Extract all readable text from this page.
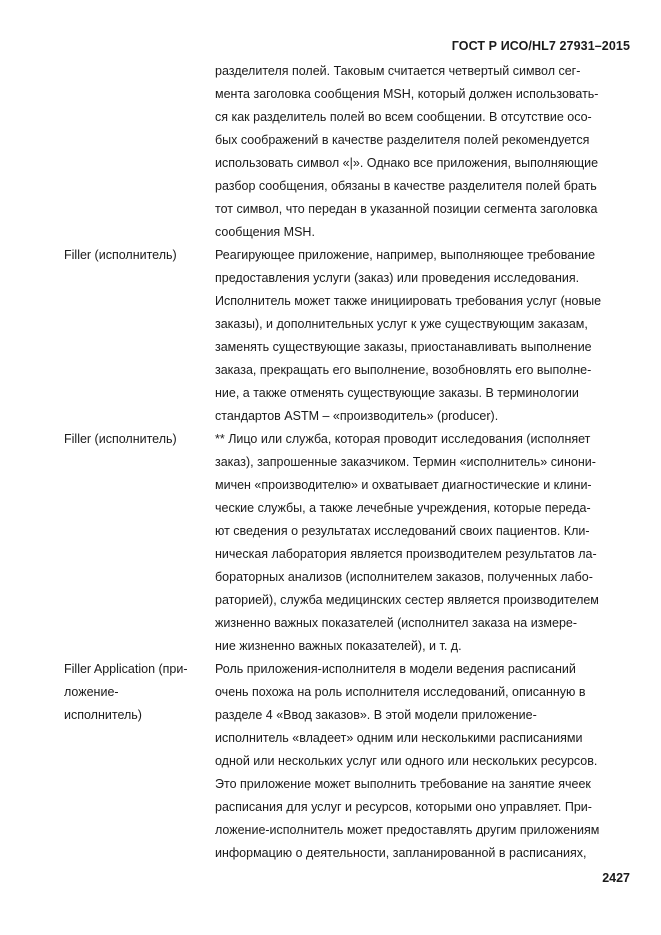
ГОСТ Р ИСО/HL7 27931–2015
разделителя полей. Таковым считается четвертый символ сег-
мента заголовка сообщения MSH, который должен использовать-
ся как разделитель полей во всем сообщении. В отсутствие осо-
бых соображений в качестве разделителя полей рекомендуется
использовать символ «|». Однако все приложения, выполняющие
разбор сообщения, обязаны в качестве разделителя полей брать
тот символ, что передан в указанной позиции сегмента заголовка
сообщения MSH.
Filler (исполнитель)	Реагирующее приложение, например, выполняющее требование
предоставления услуги (заказ) или проведения исследования.
Исполнитель может также инициировать требования услуг (новые
заказы), и дополнительных услуг к уже существующим заказам,
заменять существующие заказы, приостанавливать выполнение
заказа, прекращать его выполнение, возобновлять его выполне-
ние, а также отменять существующие заказы. В терминологии
стандартов ASTM – «производитель» (producer).
Filler (исполнитель)	** Лицо или служба, которая проводит исследования (исполняет
заказ), запрошенные заказчиком. Термин «исполнитель» синони-
мичен «производителю» и охватывает диагностические и клини-
ческие службы, а также лечебные учреждения, которые переда-
ют сведения о результатах исследований своих пациентов. Кли-
ническая лаборатория является производителем результатов ла-
бораторных анализов (исполнителем заказов, полученных лабо-
раторией), служба медицинских сестер является производителем
жизненно важных показателей (исполнител заказа на измере-
ние жизненно важных показателей), и т. д.
Filler Application (при-
ложение-
исполнитель)
Роль приложения-исполнителя в модели ведения расписаний
очень похожа на роль исполнителя исследований, описанную в
разделе 4 «Ввод заказов». В этой модели приложение-
исполнитель «владеет» одним или несколькими расписаниями
одной или нескольких услуг или одного или нескольких ресурсов.
Это приложение может выполнить требование на занятие ячеек
расписания для услуг и ресурсов, которыми оно управляет. При-
ложение-исполнитель может предоставлять другим приложениям
информацию о деятельности, запланированной в расписаниях,
2427
